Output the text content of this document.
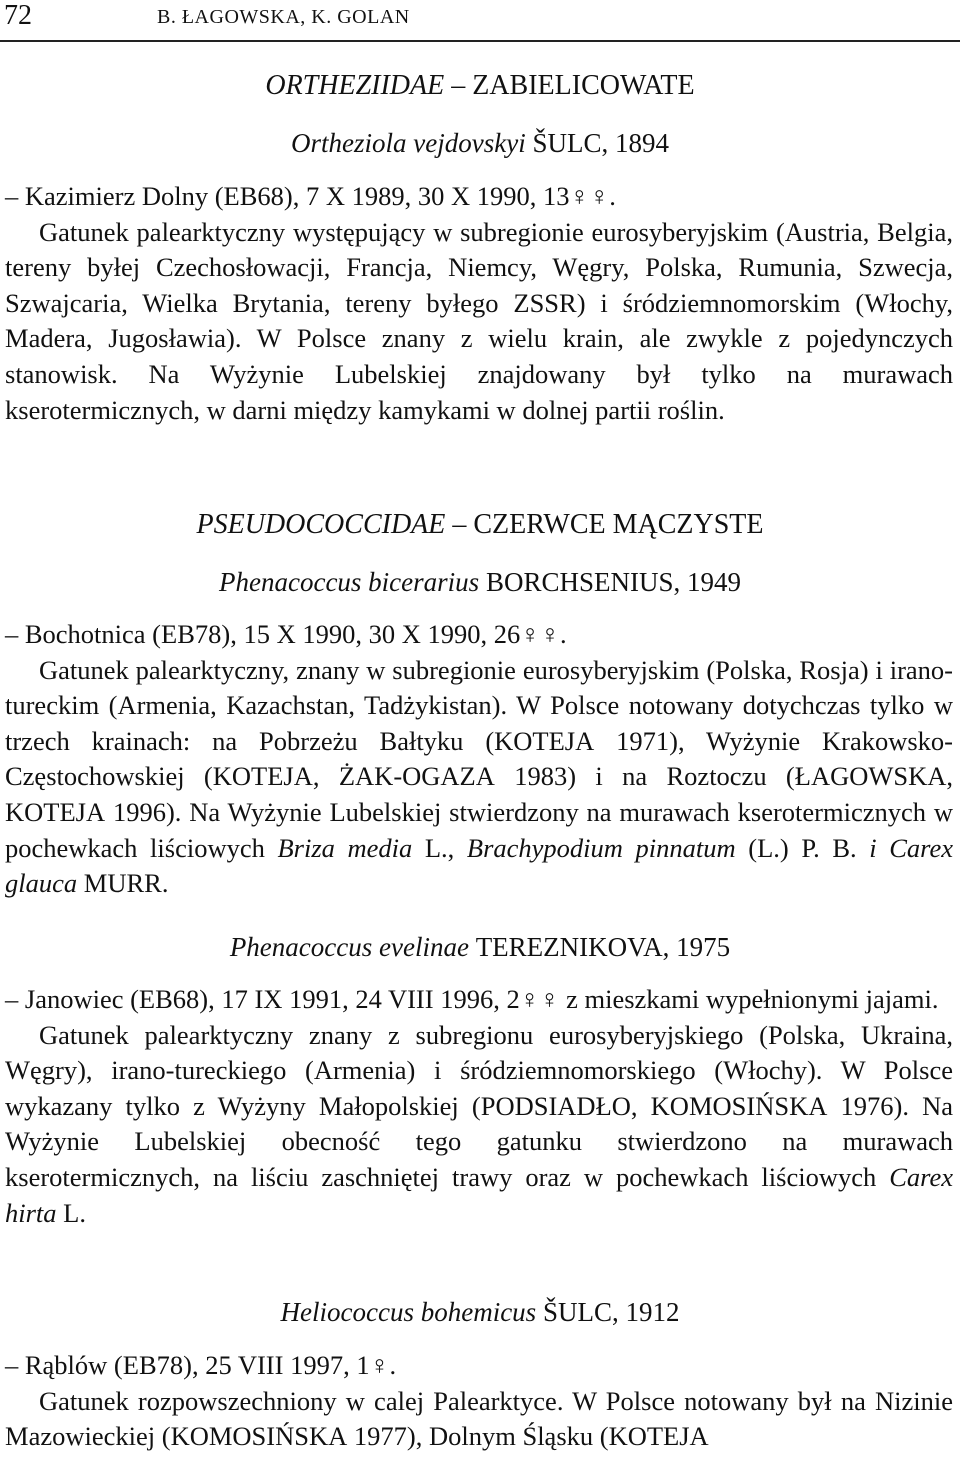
72	B. ŁAGOWSKA, K. GOLAN
ORTHEZIIDAE – ZABIELICOWATE
Ortheziola vejdovskyi ŠULC, 1894

– Kazimierz Dolny (EB68), 7 X 1989, 30 X 1990, 13♀♀.

Gatunek palearktyczny występujący w subregionie eurosyberyjskim (Austria, Belgia, tereny byłej Czechosłowacji, Francja, Niemcy, Węgry, Polska, Rumunia, Szwecja, Szwajcaria, Wielka Brytania, tereny byłego ZSSR) i śródziemnomorskim (Włochy, Madera, Jugosławia). W Polsce znany z wielu krain, ale zwykle z pojedynczych stanowisk. Na Wyżynie Lubelskiej znajdowany był tylko na murawach kserotermicznych, w darni między kamykami w dolnej partii roślin.

PSEUDOCOCCIDAE – CZERWCE MĄCZYSTE
Phenacoccus bicerarius BORCHSENIUS, 1949

– Bochotnica (EB78), 15 X 1990, 30 X 1990, 26♀♀.

Gatunek palearktyczny, znany w subregionie eurosyberyjskim (Polska, Rosja) i irano-tureckim (Armenia, Kazachstan, Tadżykistan). W Polsce notowany dotychczas tylko w trzech krainach: na Pobrzeżu Bałtyku (KOTEJA 1971), Wyżynie Krakowsko-Częstochowskiej (KOTEJA, ŻAK-OGAZA 1983) i na Roztoczu (ŁAGOWSKA, KOTEJA 1996). Na Wyżynie Lubelskiej stwierdzony na murawach kserotermicznych w pochewkach liściowych Briza media L., Brachypodium pinnatum (L.) P. B. i Carex glauca MURR.

Phenacoccus evelinae TEREZNIKOVA, 1975

– Janowiec (EB68), 17 IX 1991, 24 VIII 1996, 2♀♀ z mieszkami wypełnionymi jajami.

Gatunek palearktyczny znany z subregionu eurosyberyjskiego (Polska, Ukraina, Węgry), irano-tureckiego (Armenia) i śródziemnomorskiego (Włochy). W Polsce wykazany tylko z Wyżyny Małopolskiej (PODSIADŁO, KOMOSIŃSKA 1976). Na Wyżynie Lubelskiej obecność tego gatunku stwierdzono na murawach kserotermicznych, na liściu zaschniętej trawy oraz w pochewkach liściowych Carex hirta L.

Heliococcus bohemicus ŠULC, 1912

– Rąblów (EB78), 25 VIII 1997, 1♀.

Gatunek rozpowszechniony w calej Palearktyce. W Polsce notowany był na Nizinie Mazowieckiej (KOMOSIŃSKA 1977), Dolnym Śląsku (KOTEJA
